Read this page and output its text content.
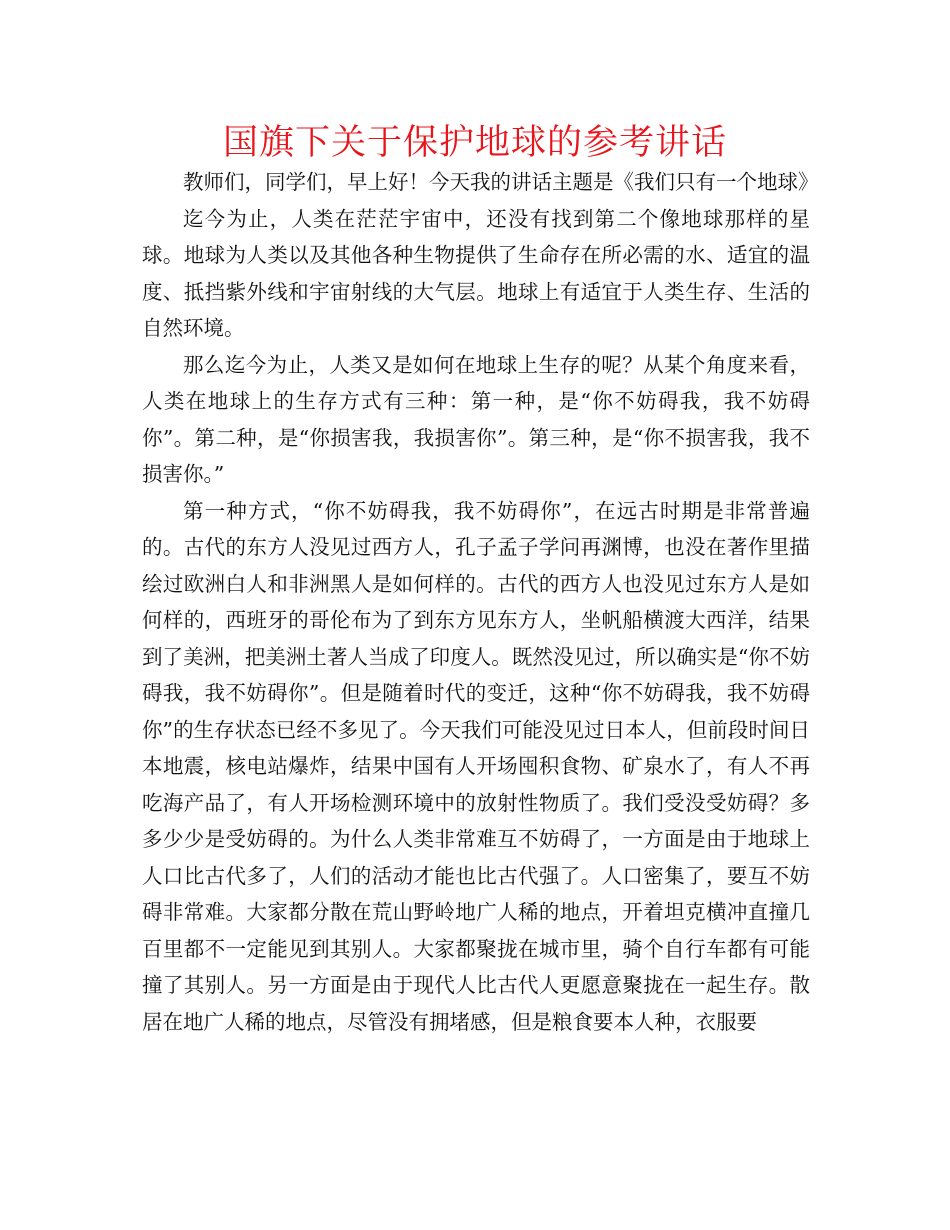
国旗下关于保护地球的参考讲话

教师们，同学们，早上好！今天我的讲话主题是《我们只有一个地球》

迄今为止，人类在茫茫宇宙中，还没有找到第二个像地球那样的星球。地球为人类以及其他各种生物提供了生命存在所必需的水、适宜的温度、抵挡紫外线和宇宙射线的大气层。地球上有适宜于人类生存、生活的自然环境。

那么迄今为止，人类又是如何在地球上生存的呢？从某个角度来看，人类在地球上的生存方式有三种：第一种，是“你不妨碍我，我不妨碍你”。第二种，是“你损害我，我损害你”。第三种，是“你不损害我，我不损害你。”

第一种方式，“你不妨碍我，我不妨碍你”，在远古时期是非常普遍的。古代的东方人没见过西方人，孔子孟子学问再渊博，也没在著作里描绘过欧洲白人和非洲黑人是如何样的。古代的西方人也没见过东方人是如何样的，西班牙的哥伦布为了到东方见东方人，坐帆船横渡大西洋，结果到了美洲，把美洲土著人当成了印度人。既然没见过，所以确实是“你不妨碍我，我不妨碍你”。但是随着时代的变迁，这种“你不妨碍我，我不妨碍你”的生存状态已经不多见了。今天我们可能没见过日本人，但前段时间日本地震，核电站爆炸，结果中国有人开场囤积食物、矿泉水了，有人不再吃海产品了，有人开场检测环境中的放射性物质了。我们受没受妨碍？多多少少是受妨碍的。为什么人类非常难互不妨碍了，一方面是由于地球上人口比古代多了，人们的活动才能也比古代强了。人口密集了，要互不妨碍非常难。大家都分散在荒山野岭地广人稀的地点，开着坦克横冲直撞几百里都不一定能见到其别人。大家都聚拢在城市里，骑个自行车都有可能撞了其别人。另一方面是由于现代人比古代人更愿意聚拢在一起生存。散居在地广人稀的地点，尽管没有拥堵感，但是粮食要本人种，衣服要
